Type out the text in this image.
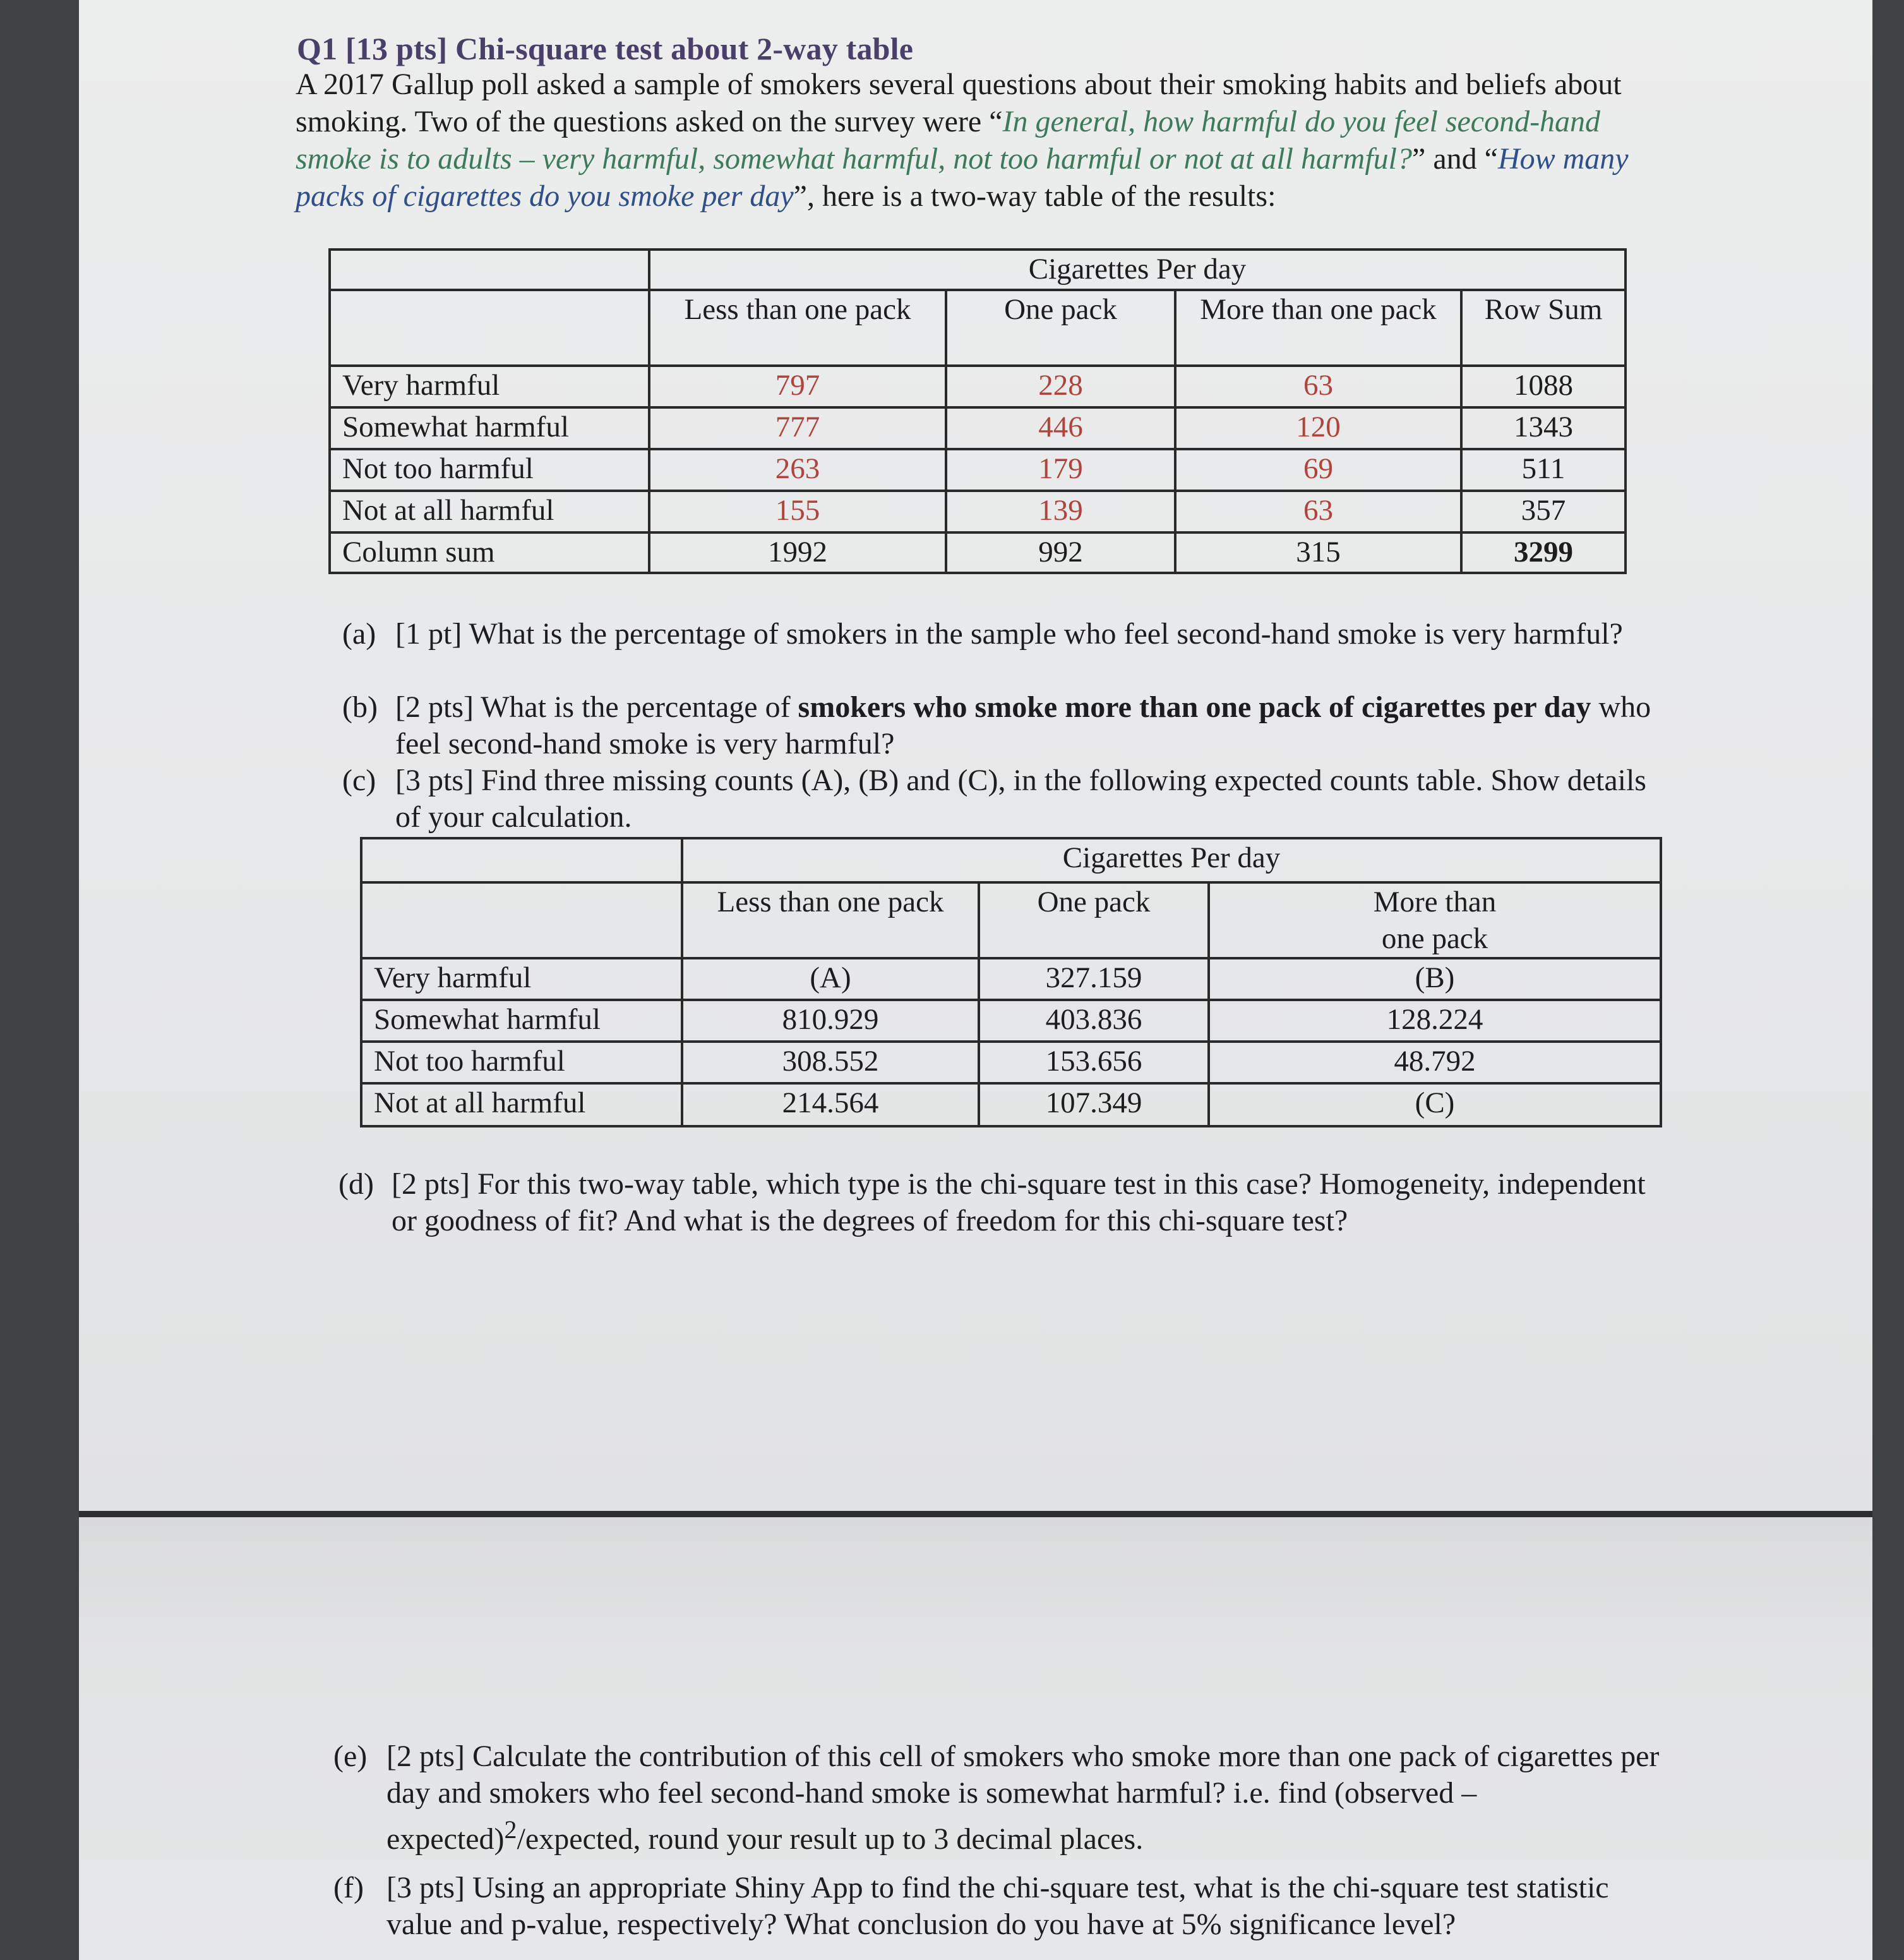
Q1 [13 pts] Chi-square test about 2-way table
A 2017 Gallup poll asked a sample of smokers several questions about their smoking habits and beliefs about smoking. Two of the questions asked on the survey were “In general, how harmful do you feel second-hand smoke is to adults – very harmful, somewhat harmful, not too harmful or not at all harmful?” and “How many packs of cigarettes do you smoke per day”, here is a two-way table of the results:
	Cigarettes Per day			
	Less than one pack	One pack	More than one pack	Row Sum
Very harmful	797	228	63	1088
Somewhat harmful	777	446	120	1343
Not too harmful	263	179	69	511
Not at all harmful	155	139	63	357
Column sum	1992	992	315	3299
(a) [1 pt] What is the percentage of smokers in the sample who feel second-hand smoke is very harmful?
(b) [2 pts] What is the percentage of smokers who smoke more than one pack of cigarettes per day who feel second-hand smoke is very harmful?
(c) [3 pts] Find three missing counts (A), (B) and (C), in the following expected counts table. Show details of your calculation.
	Cigarettes Per day		
	Less than one pack	One pack	More than one pack
Very harmful	(A)	327.159	(B)
Somewhat harmful	810.929	403.836	128.224
Not too harmful	308.552	153.656	48.792
Not at all harmful	214.564	107.349	(C)
(d) [2 pts] For this two-way table, which type is the chi-square test in this case? Homogeneity, independent or goodness of fit? And what is the degrees of freedom for this chi-square test?
(e) [2 pts] Calculate the contribution of this cell of smokers who smoke more than one pack of cigarettes per day and smokers who feel second-hand smoke is somewhat harmful? i.e. find (observed – expected)$^2$/expected, round your result up to 3 decimal places.
(f) [3 pts] Using an appropriate Shiny App to find the chi-square test, what is the chi-square test statistic value and p-value, respectively? What conclusion do you have at 5% significance level?
